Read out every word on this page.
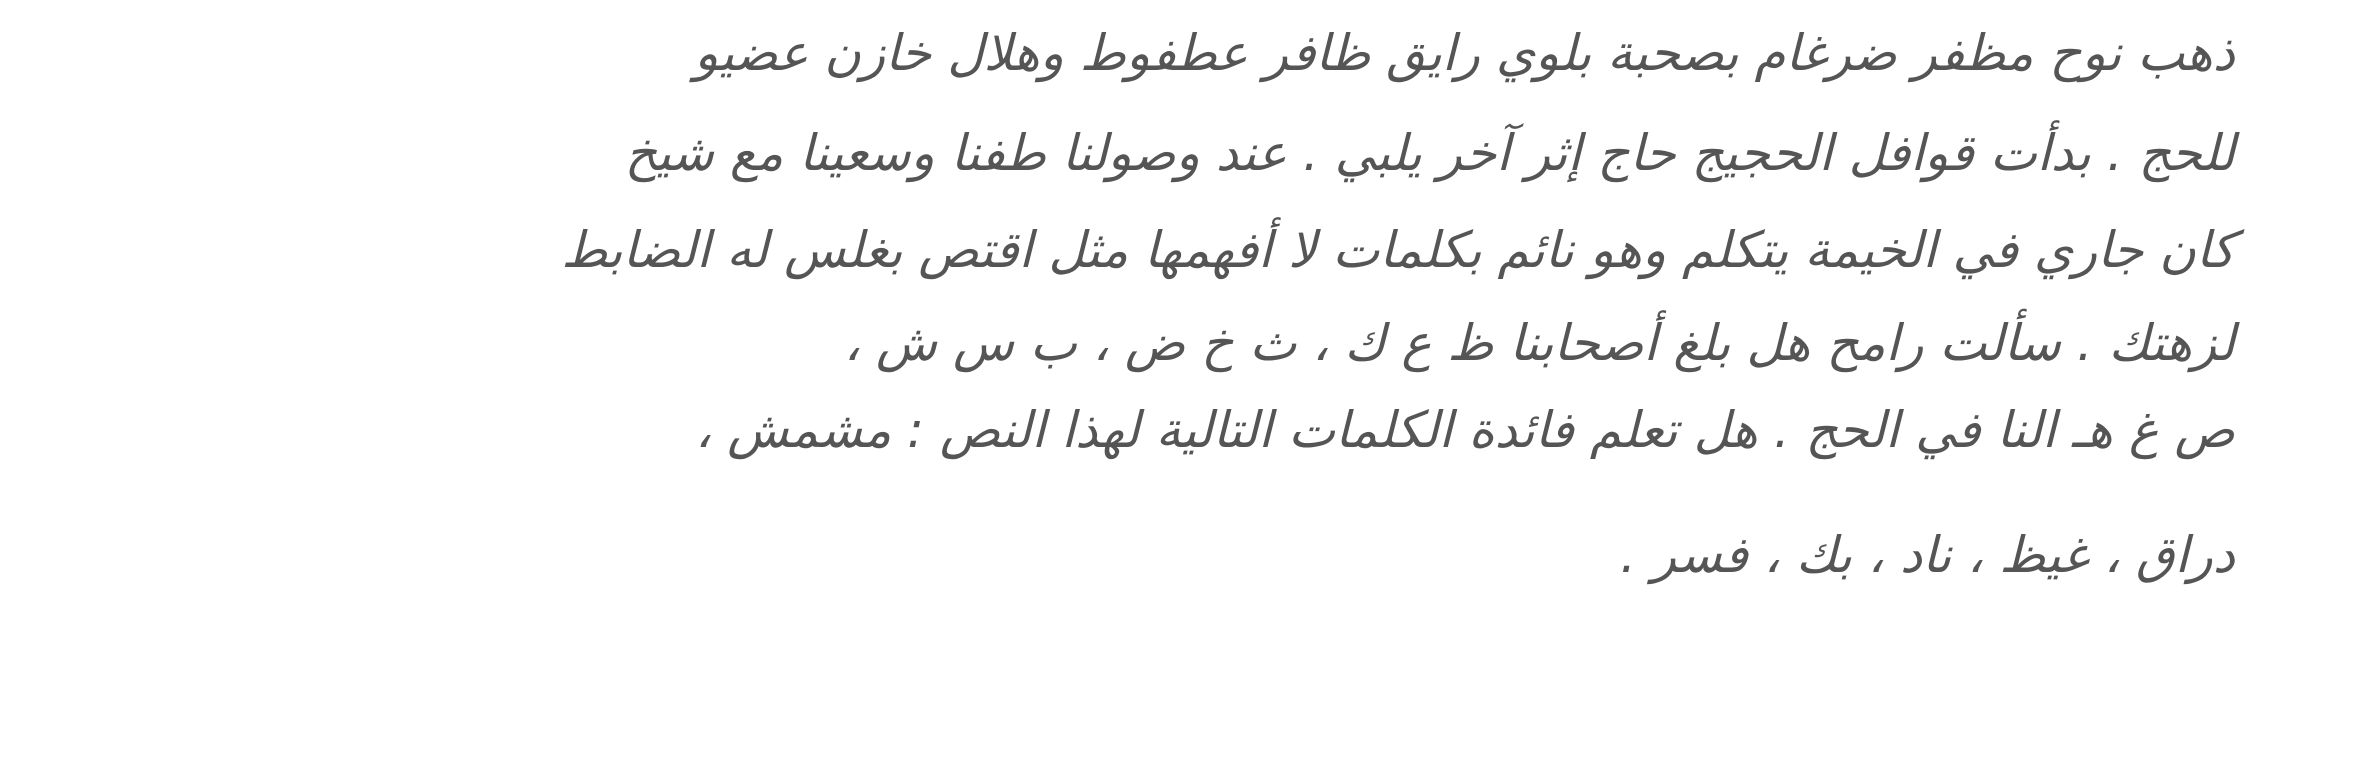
ذهب نوح مظفر ضرغام بصحبة بلوي رايق ظافر عطفوط وهلال خازن عضيو
للحج . بدأت قوافل الحجيج حاج إثر آخر يلبي . عند وصولنا طفنا وسعينا مع شيخ
كان جاري في الخيمة يتكلم وهو نائم بكلمات لا أفهمها مثل اقتص بغلس له الضابط
لزهتك . سألت رامح هل بلغ أصحابنا ظ ع ك ، ث خ ض ، ب س ش ،
ص غ هـ النا في الحج . هل تعلم فائدة الكلمات التالية لهذا النص : مشمش ،
دراق ، غيظ ، ناد ، بك ، فسر .
